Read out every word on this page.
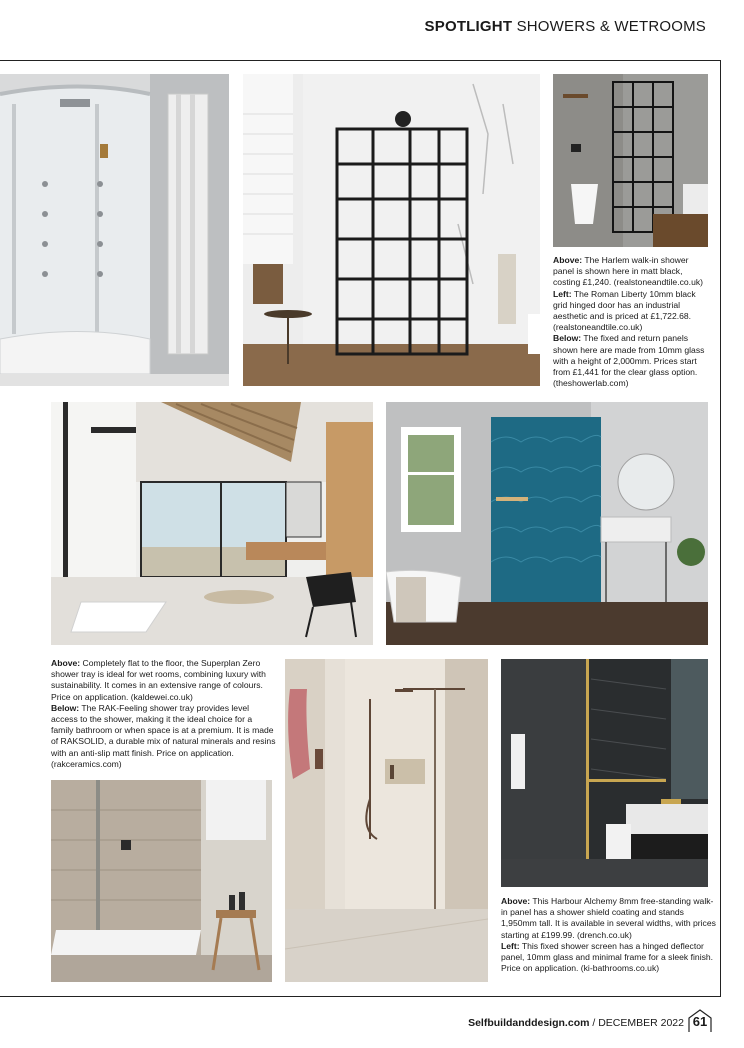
SPOTLIGHT SHOWERS & WETROOMS
Above: The Harlem walk-in shower panel is shown here in matt black, costing £1,240. (realstoneandtile.co.uk)
Left: The Roman Liberty 10mm black grid hinged door has an industrial aesthetic and is priced at £1,722.68. (realstoneandtile.co.uk)
Below: The fixed and return panels shown here are made from 10mm glass with a height of 2,000mm. Prices start from £1,441 for the clear glass option. (theshowerlab.com)
Above: Completely flat to the floor, the Superplan Zero shower tray is ideal for wet rooms, combining luxury with sustainability. It comes in an extensive range of colours. Price on application. (kaldewei.co.uk)
Below: The RAK-Feeling shower tray provides level access to the shower, making it the ideal choice for a family bathroom or when space is at a premium. It is made of RAKSOLID, a durable mix of natural minerals and resins with an anti-slip matt finish. Price on application. (rakceramics.com)
Above: This Harbour Alchemy 8mm free-standing walk-in panel has a shower shield coating and stands 1,950mm tall. It is available in several widths, with prices starting at £199.99. (drench.co.uk)
Left: This fixed shower screen has a hinged deflector panel, 10mm glass and minimal frame for a sleek finish. Price on application. (ki-bathrooms.co.uk)
Selfbuildanddesign.com / DECEMBER 2022 61
